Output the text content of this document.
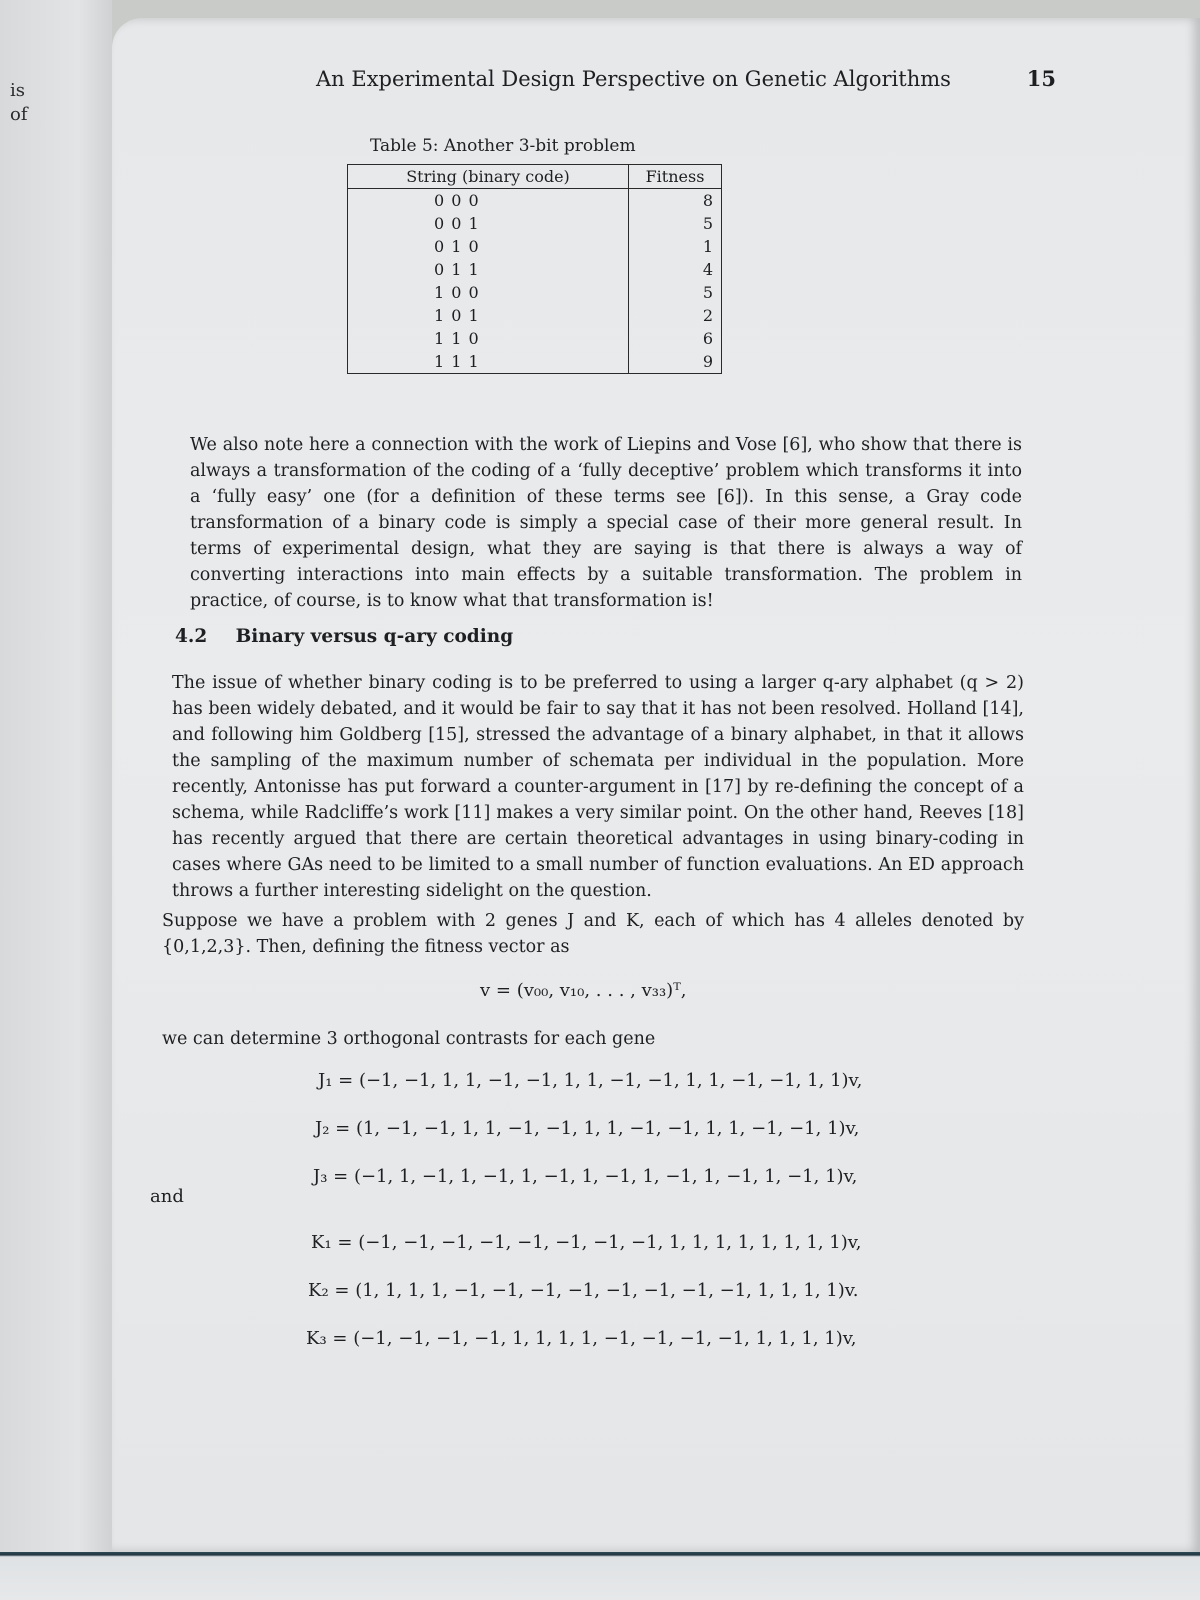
is
of
An Experimental Design Perspective on Genetic Algorithms	15
Table 5: Another 3-bit problem
String (binary code)	Fitness
0 0 0	8
0 0 1	5
0 1 0	1
0 1 1	4
1 0 0	5
1 0 1	2
1 1 0	6
1 1 1	9

We also note here a connection with the work of Liepins and Vose [6], who show that there is always a transformation of the coding of a ‘fully deceptive’ problem which transforms it into a ‘fully easy’ one (for a definition of these terms see [6]). In this sense, a Gray code transformation of a binary code is simply a special case of their more general result. In terms of experimental design, what they are saying is that there is always a way of converting interactions into main effects by a suitable transformation. The problem in practice, of course, is to know what that transformation is!

4.2 Binary versus q-ary coding

The issue of whether binary coding is to be preferred to using a larger q-ary alphabet (q > 2) has been widely debated, and it would be fair to say that it has not been resolved. Holland [14], and following him Goldberg [15], stressed the advantage of a binary alphabet, in that it allows the sampling of the maximum number of schemata per individual in the population. More recently, Antonisse has put forward a counter-argument in [17] by re-defining the concept of a schema, while Radcliffe’s work [11] makes a very similar point. On the other hand, Reeves [18] has recently argued that there are certain theoretical advantages in using binary-coding in cases where GAs need to be limited to a small number of function evaluations. An ED approach throws a further interesting sidelight on the question.

Suppose we have a problem with 2 genes J and K, each of which has 4 alleles denoted by {0,1,2,3}. Then, defining the fitness vector as

v = (v₀₀, v₁₀, . . . , v₃₃)ᵀ,

we can determine 3 orthogonal contrasts for each gene

J₁ = (−1, −1, 1, 1, −1, −1, 1, 1, −1, −1, 1, 1, −1, −1, 1, 1)v,
J₂ = (1, −1, −1, 1, 1, −1, −1, 1, 1, −1, −1, 1, 1, −1, −1, 1)v,
J₃ = (−1, 1, −1, 1, −1, 1, −1, 1, −1, 1, −1, 1, −1, 1, −1, 1)v,
and
K₁ = (−1, −1, −1, −1, −1, −1, −1, −1, 1, 1, 1, 1, 1, 1, 1, 1)v,
K₂ = (1, 1, 1, 1, −1, −1, −1, −1, −1, −1, −1, −1, 1, 1, 1, 1)v.
K₃ = (−1, −1, −1, −1, 1, 1, 1, 1, −1, −1, −1, −1, 1, 1, 1, 1)v,
